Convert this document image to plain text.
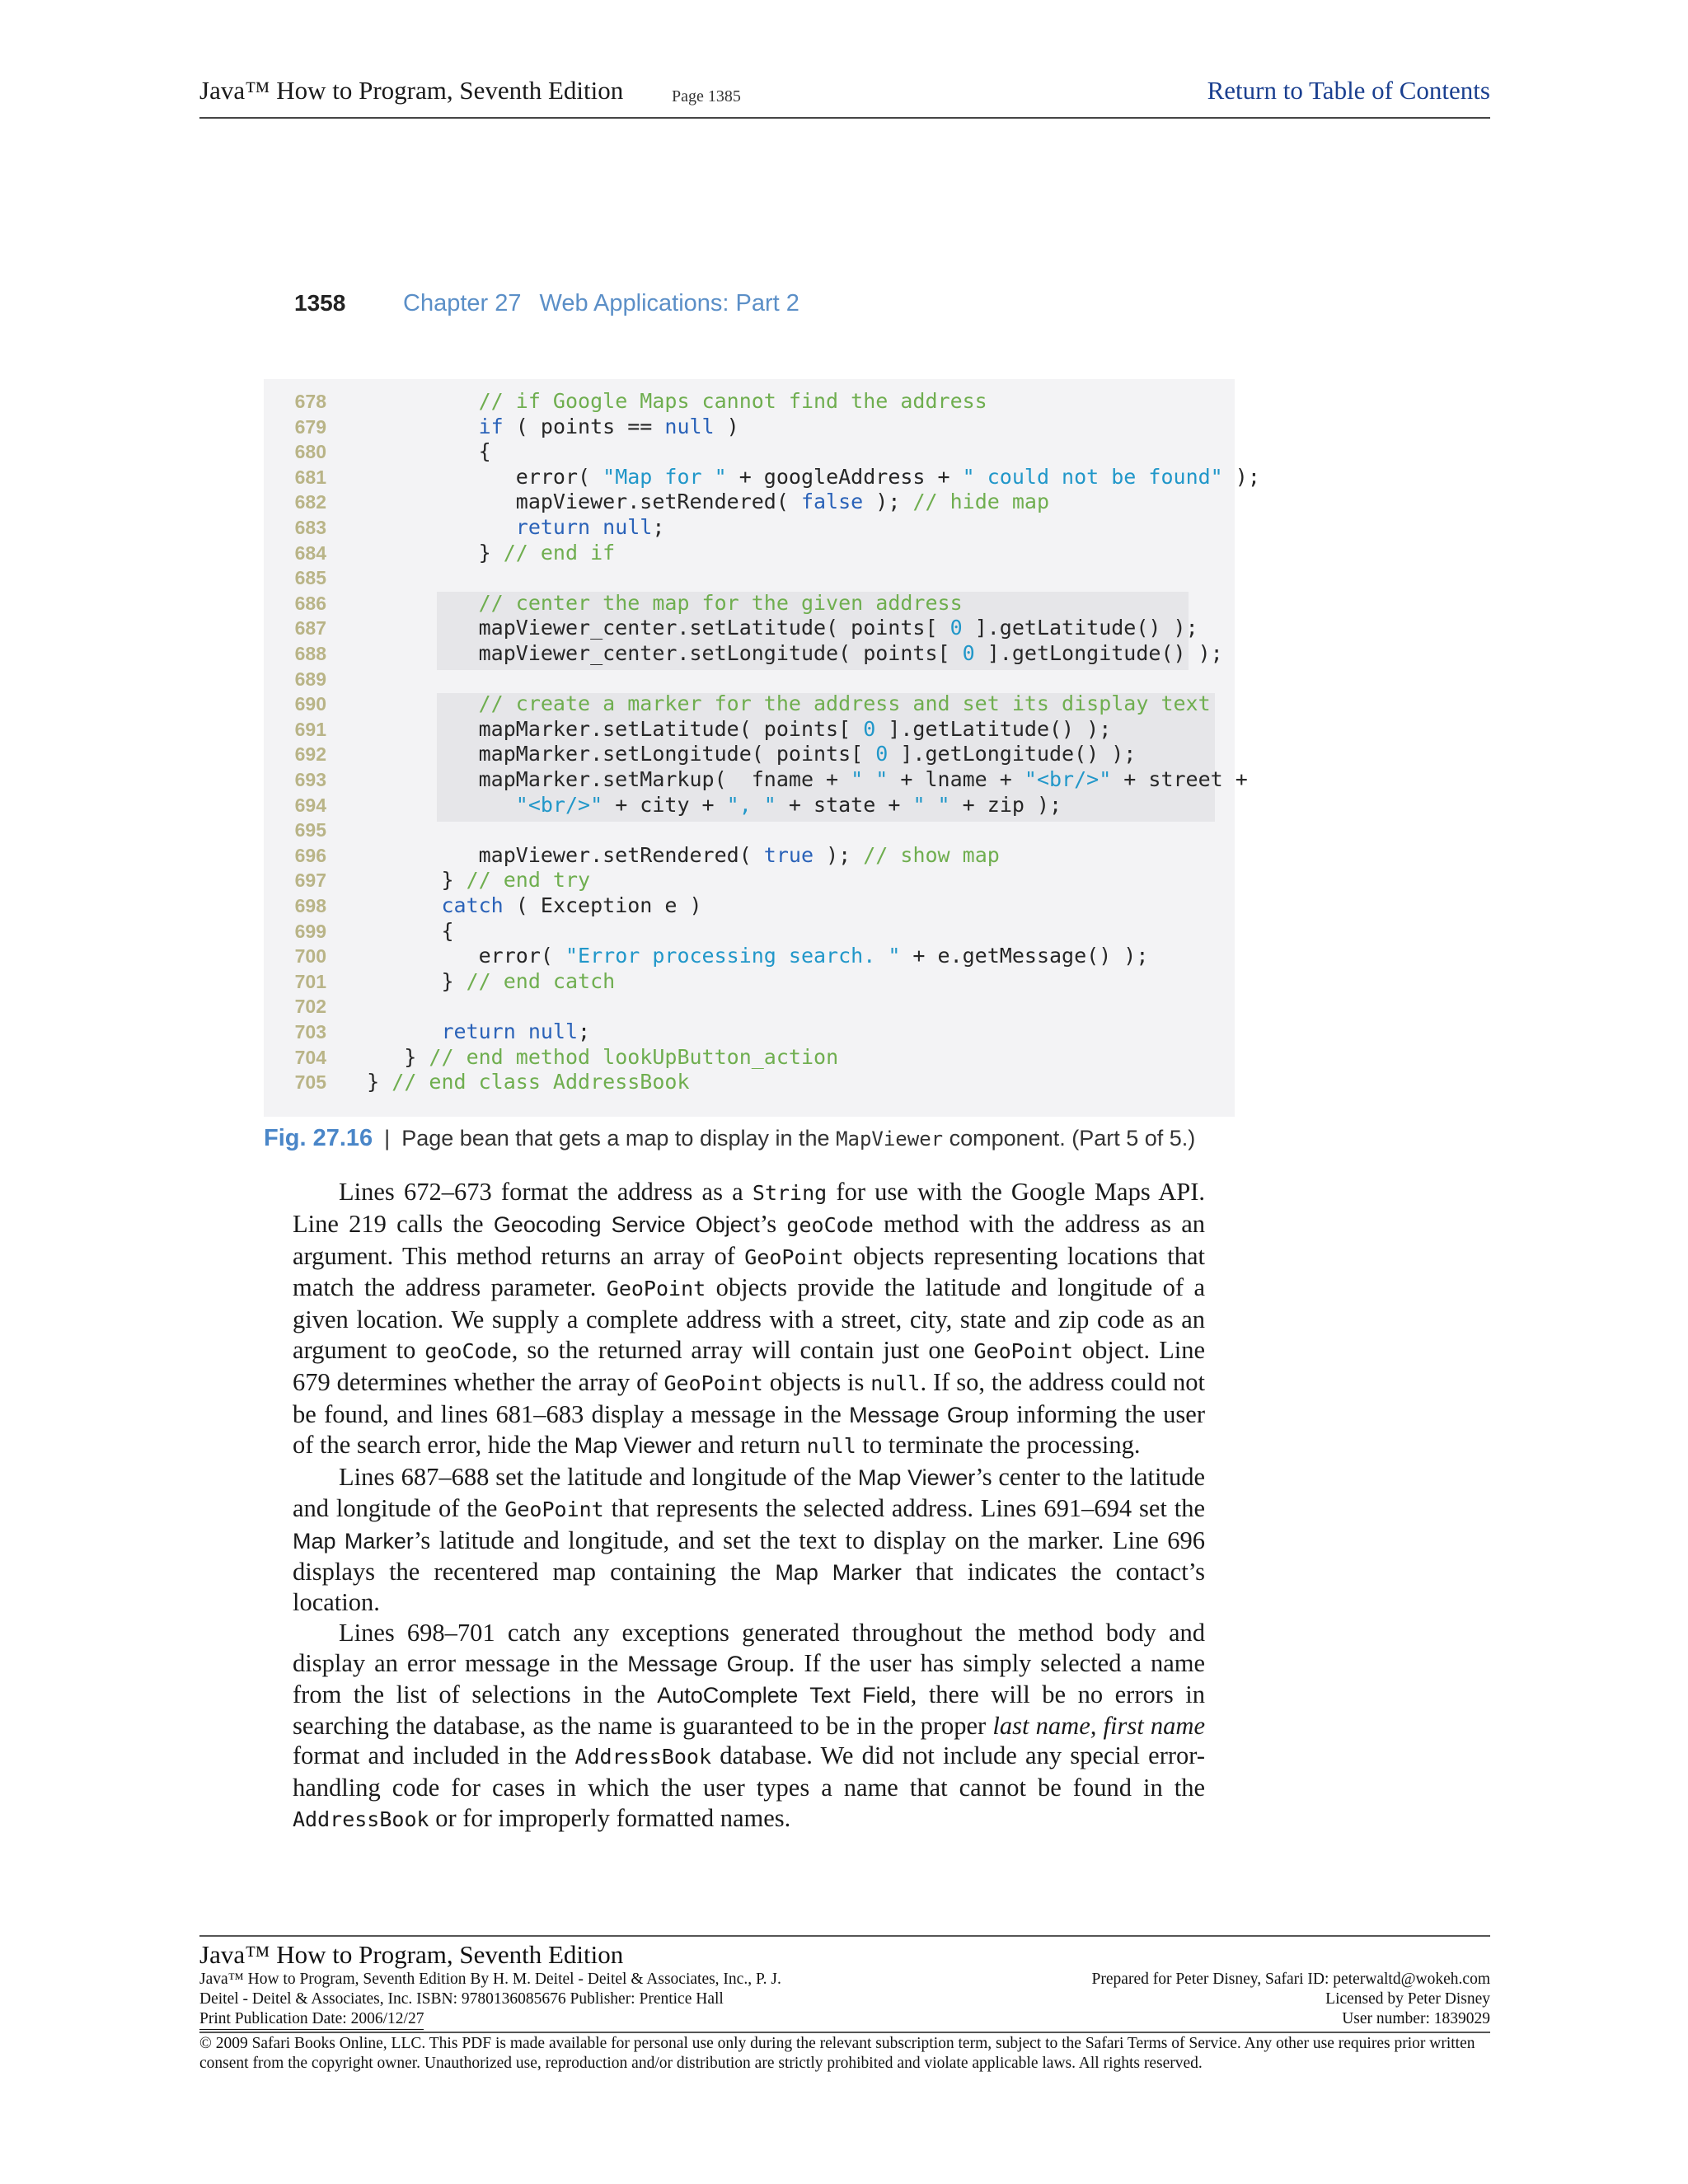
Java™ How to Program, Seventh Edition	Page 1385	Return to Table of Contents
1358 Chapter 27 Web Applications: Part 2
678	// if Google Maps cannot find the address
679	if ( points == null )
680 {
681 error( "Map for " + googleAddress + " could not be found" );
682 mapViewer.setRendered( false ); // hide map
683	return null;
684 } // end if
685
686	// center the map for the given address
687 mapViewer_center.setLatitude( points[ 0 ].getLatitude() );
688 mapViewer_center.setLongitude( points[ 0 ].getLongitude() );
689
690	// create a marker for the address and set its display text
691 mapMarker.setLatitude( points[ 0 ].getLatitude() );
692 mapMarker.setLongitude( points[ 0 ].getLongitude() );
693 mapMarker.setMarkup(  fname + " " + lname + "<br/>" + street +
694	"<br/>" + city + ", " + state + " " + zip );
695
696 mapViewer.setRendered( true ); // show map
697 } // end try
698	catch ( Exception e )
699 {
700 error( "Error processing search. " + e.getMessage() );
701 } // end catch
702
703	return null;
704 } // end method lookUpButton_action
705 } // end class AddressBook
Fig. 27.16 | Page bean that gets a map to display in the MapViewer component. (Part 5 of 5.)

Lines 672–673 format the address as a String for use with the Google Maps API. Line 219 calls the Geocoding Service Object’s geoCode method with the address as an argument. This method returns an array of GeoPoint objects representing locations that match the address parameter. GeoPoint objects provide the latitude and longitude of a given location. We supply a complete address with a street, city, state and zip code as an argument to geoCode, so the returned array will contain just one GeoPoint object. Line 679 determines whether the array of GeoPoint objects is null. If so, the address could not be found, and lines 681–683 display a message in the Message Group informing the user of the search error, hide the Map Viewer and return null to terminate the processing.

Lines 687–688 set the latitude and longitude of the Map Viewer’s center to the latitude and longitude of the GeoPoint that represents the selected address. Lines 691–694 set the Map Marker’s latitude and longitude, and set the text to display on the marker. Line 696 displays the recentered map containing the Map Marker that indicates the contact’s location.

Lines 698–701 catch any exceptions generated throughout the method body and display an error message in the Message Group. If the user has simply selected a name from the list of selections in the AutoComplete Text Field, there will be no errors in searching the database, as the name is guaranteed to be in the proper last name, first name format and included in the AddressBook database. We did not include any special error-handling code for cases in which the user types a name that cannot be found in the AddressBook or for improperly formatted names.

Java™ How to Program, Seventh Edition
Java™ How to Program, Seventh Edition By H. M. Deitel - Deitel & Associates, Inc., P. J.
Deitel - Deitel & Associates, Inc. ISBN: 9780136085676 Publisher: Prentice Hall
Print Publication Date: 2006/12/27
Prepared for Peter Disney, Safari ID: peterwaltd@wokeh.com
Licensed by Peter Disney
User number: 1839029
© 2009 Safari Books Online, LLC. This PDF is made available for personal use only during the relevant subscription term, subject to the Safari Terms of Service. Any other use requires prior written consent from the copyright owner. Unauthorized use, reproduction and/or distribution are strictly prohibited and violate applicable laws. All rights reserved.
